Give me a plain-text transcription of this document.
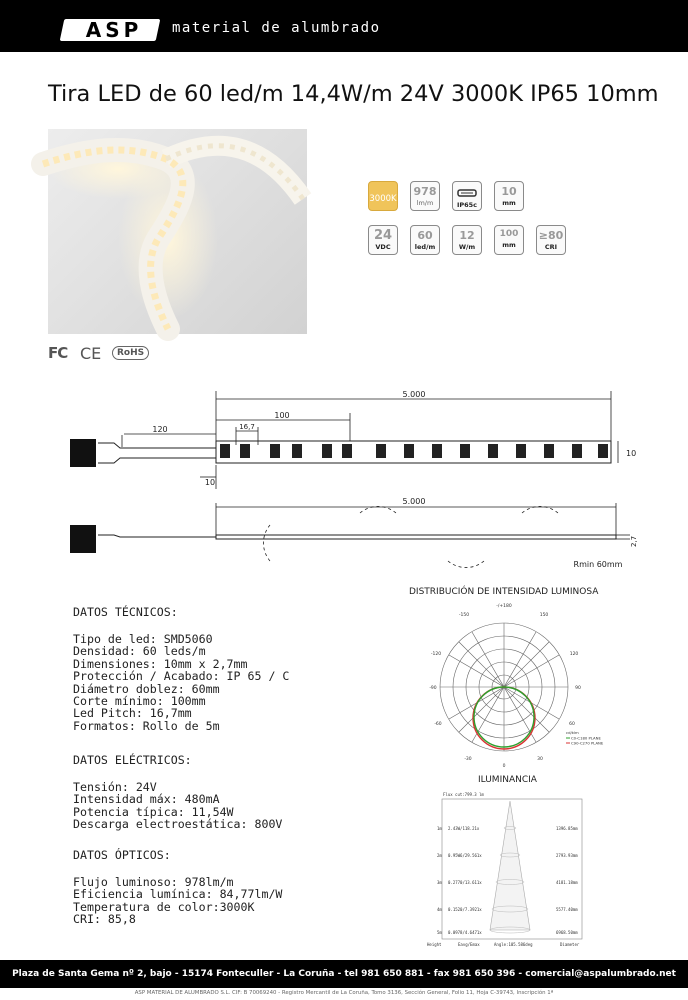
ASP	material de alumbrado
Tira LED de 60 led/m 14,4W/m 24V 3000K IP65 10mm
3000K
978
lm/m	IP65c
10
mm
24
VDC
60
led/m
12
W/m
100
mm
≥80
CRI
FC CE	RoHS
5.000
100
16,7
120
10
10
5.000
2,7
Rmin 60mm
DISTRIBUCIÓN DE INTENSIDAD LUMINOSA
-/+180
150
-150
-120	120
-90	90
-60	60
-30	30
0
cd/klm
C0-C180 PLANE
C90-C270 PLANE
ILUMINANCIA
Flux cut:799.3 lm
1m 2.43W/118.21x	1396.85mm
2m 0.95W6/29.561x	2793.93mm
3m 0.2770/13.611x	4181.18mm
4m 0.1520/7.3921x	5577.40mm
5m 0.0978/4.6471x	6968.50mm
Height	Eavg/Emax	Angle:105.586deg	Diameter
DATOS TÉCNICOS:
Tipo de led: SMD5060
Densidad: 60 leds/m
Dimensiones: 10mm x 2,7mm
Protección / Acabado: IP 65 / C
Diámetro doblez: 60mm
Corte mínimo: 100mm
Led Pitch: 16,7mm
Formatos: Rollo de 5m
DATOS ELÉCTRICOS:
Tensión: 24V
Intensidad máx: 480mA
Potencia típica: 11,54W
Descarga electroestática: 800V
DATOS ÓPTICOS:
Flujo luminoso: 978lm/m
Eficiencia lumínica: 84,77lm/W
Temperatura de color:3000K
CRI: 85,8
Plaza de Santa Gema nº 2, bajo - 15174 Fonteculler - La Coruña - tel 981 650 881 - fax 981 650 396 - comercial@aspalumbrado.net
ASP MATERIAL DE ALUMBRADO S.L. CIF: B 70069240 - Registro Mercantil de La Coruña, Tomo 3136, Sección General, Folio 11, Hoja C-39743, Inscripción 1ª
